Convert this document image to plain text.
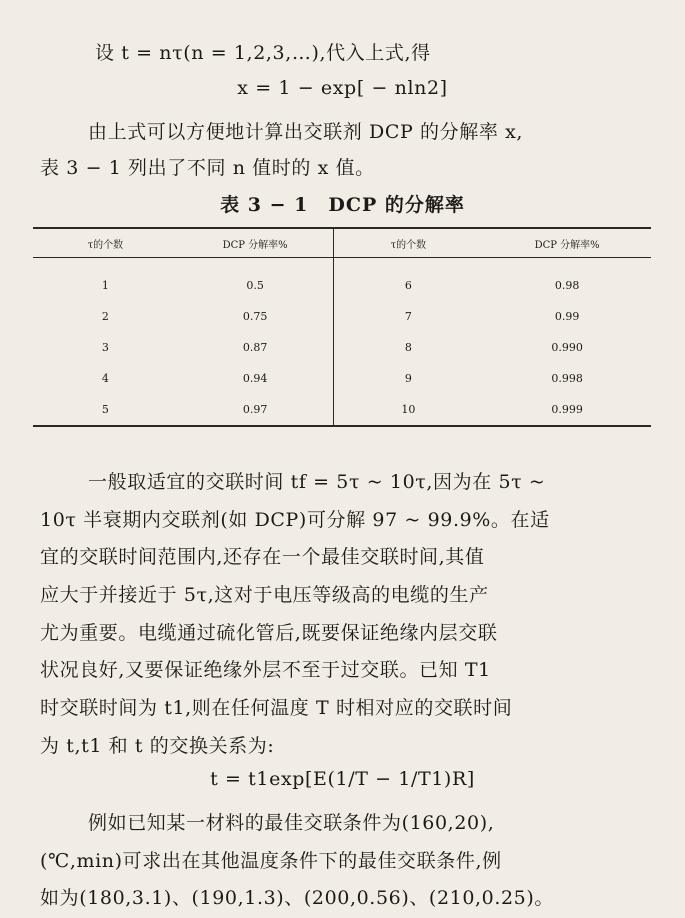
设 t = nτ(n = 1,2,3,…),代入上式,得
x = 1 − exp[ − nln2]
由上式可以方便地计算出交联剂 DCP 的分解率 x,
表 3 − 1 列出了不同 n 值时的 x 值。
表 3 − 1　DCP 的分解率
τ的个数	DCP 分解率%	τ的个数	DCP 分解率%
1	0.5	6	0.98
2	0.75	7	0.99
3	0.87	8	0.990
4	0.94	9	0.998
5	0.97	10	0.999
一般取适宜的交联时间 tf = 5τ ~ 10τ,因为在 5τ ~
10τ 半衰期内交联剂(如 DCP)可分解 97 ~ 99.9%。在适
宜的交联时间范围内,还存在一个最佳交联时间,其值
应大于并接近于 5τ,这对于电压等级高的电缆的生产
尤为重要。电缆通过硫化管后,既要保证绝缘内层交联
状况良好,又要保证绝缘外层不至于过交联。已知 T1
时交联时间为 t1,则在任何温度 T 时相对应的交联时间
为 t,t1 和 t 的交换关系为:
t = t1exp[E(1/T − 1/T1)R]
例如已知某一材料的最佳交联条件为(160,20),
(℃,min)可求出在其他温度条件下的最佳交联条件,例
如为(180,3.1)、(190,1.3)、(200,0.56)、(210,0.25)。
